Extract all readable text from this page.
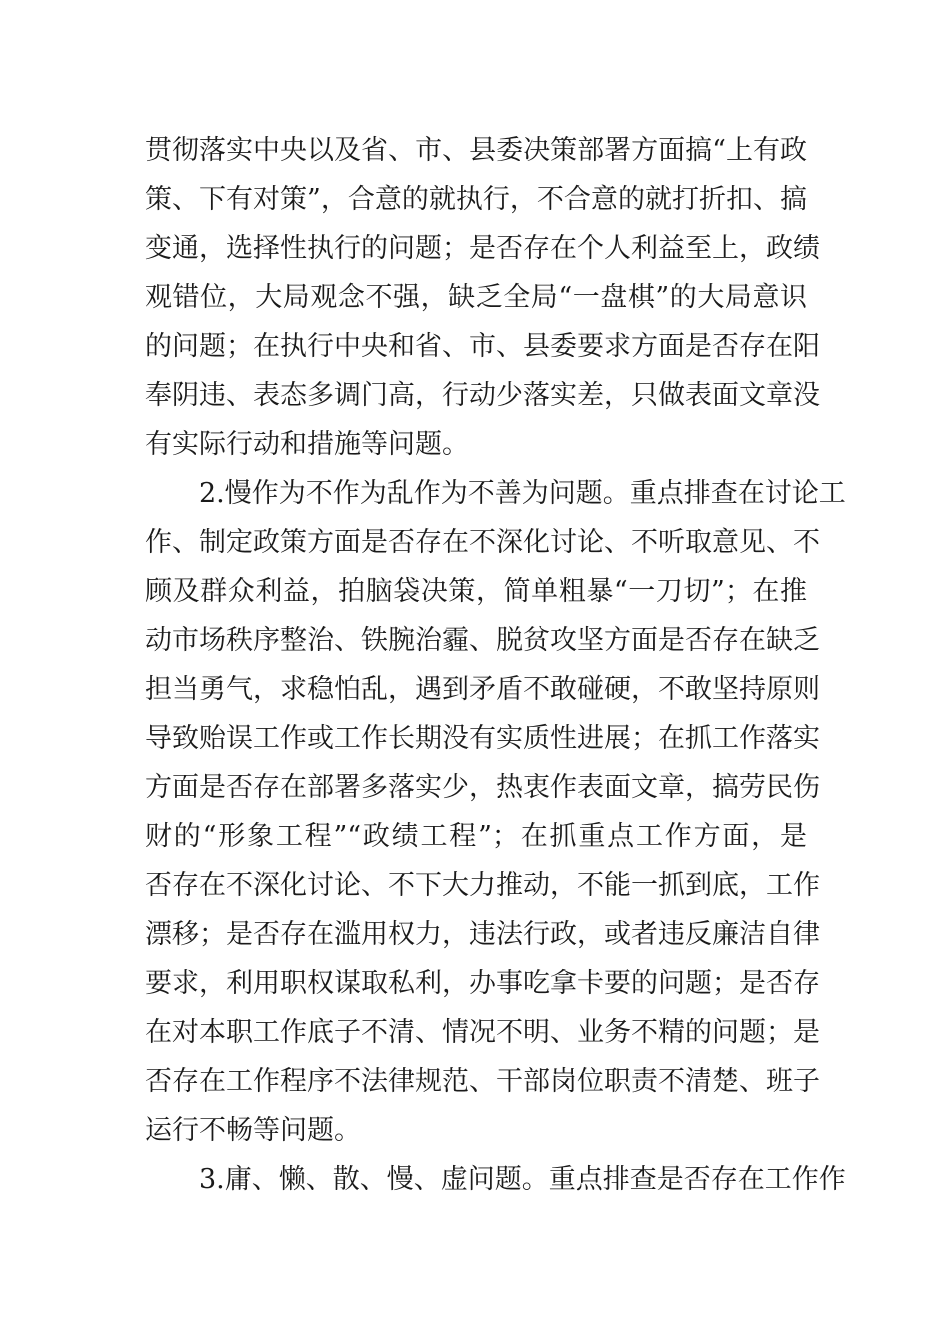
贯彻落实中央以及省、市、县委决策部署方面搞“上有政
策、下有对策”，合意的就执行，不合意的就打折扣、搞
变通，选择性执行的问题；是否存在个人利益至上，政绩
观错位，大局观念不强，缺乏全局“一盘棋”的大局意识
的问题；在执行中央和省、市、县委要求方面是否存在阳
奉阴违、表态多调门高，行动少落实差，只做表面文章没
有实际行动和措施等问题。
2.慢作为不作为乱作为不善为问题。重点排查在讨论工
作、制定政策方面是否存在不深化讨论、不听取意见、不
顾及群众利益，拍脑袋决策，简单粗暴“一刀切”；在推
动市场秩序整治、铁腕治霾、脱贫攻坚方面是否存在缺乏
担当勇气，求稳怕乱，遇到矛盾不敢碰硬，不敢坚持原则
导致贻误工作或工作长期没有实质性进展；在抓工作落实
方面是否存在部署多落实少，热衷作表面文章，搞劳民伤
财的“形象工程”“政绩工程”；在抓重点工作方面，是
否存在不深化讨论、不下大力推动，不能一抓到底，工作
漂移；是否存在滥用权力，违法行政，或者违反廉洁自律
要求，利用职权谋取私利，办事吃拿卡要的问题；是否存
在对本职工作底子不清、情况不明、业务不精的问题；是
否存在工作程序不法律规范、干部岗位职责不清楚、班子
运行不畅等问题。
3.庸、懒、散、慢、虚问题。重点排查是否存在工作作
